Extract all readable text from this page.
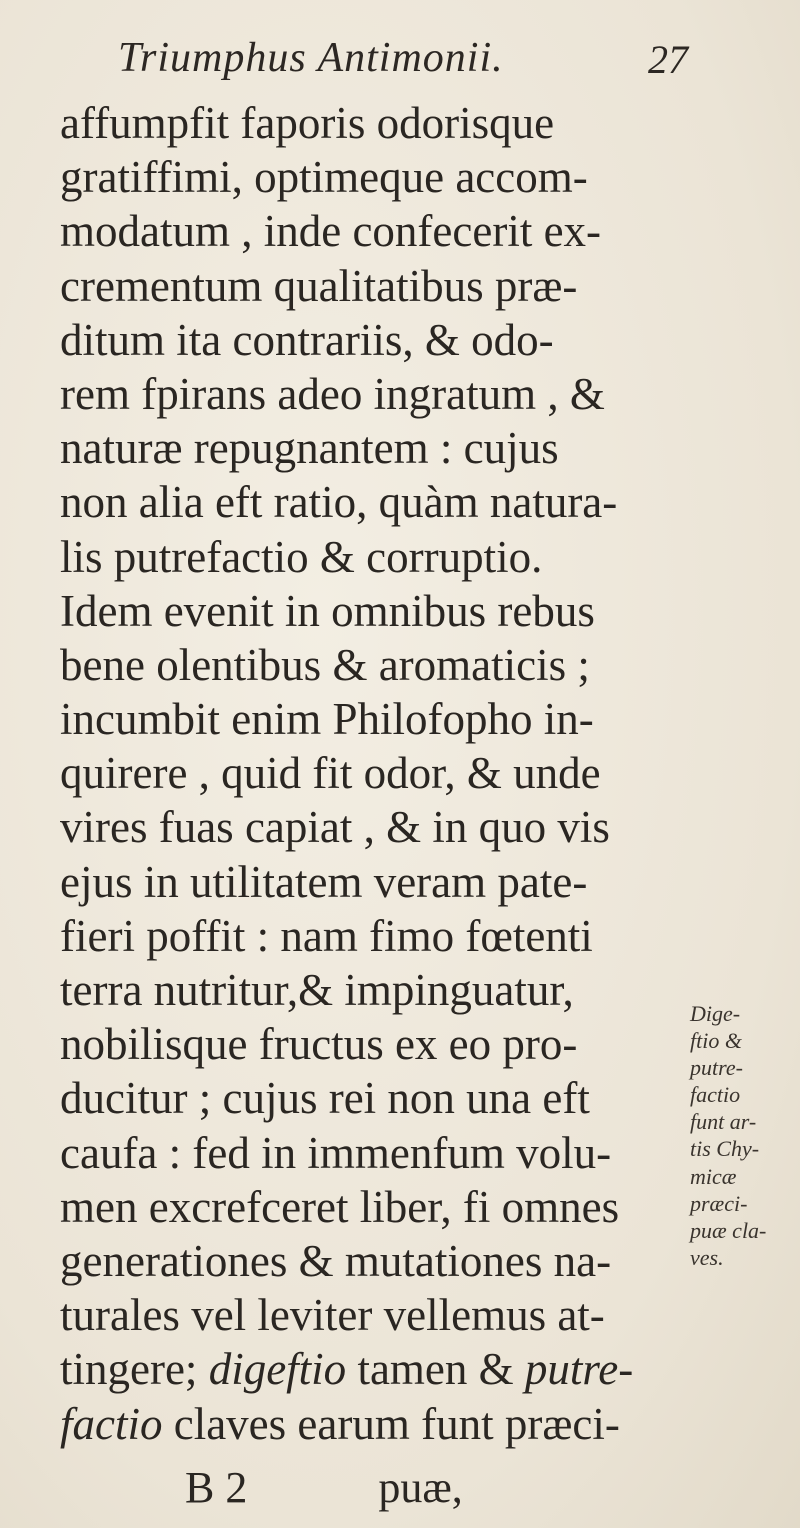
Triumphus Antimonii.	27
affumpfit faporis odorisque
gratiffimi, optimeque accom-
modatum , inde confecerit ex-
crementum qualitatibus præ-
ditum ita contrariis, & odo-
rem fpirans adeo ingratum , &
naturæ repugnantem : cujus
non alia eft ratio, quàm natura-
lis putrefactio & corruptio.
Idem evenit in omnibus rebus
bene olentibus & aromaticis ;
incumbit enim Philofopho in-
quirere , quid fit odor, & unde
vires fuas capiat , & in quo vis
ejus in utilitatem veram pate-
fieri poffit : nam fimo fœtenti
terra nutritur,& impinguatur,
nobilisque fructus ex eo pro-
ducitur ; cujus rei non una eft
caufa : fed in immenfum volu-
men excrefceret liber, fi omnes
generationes & mutationes na-
turales vel leviter vellemus at-
tingere; digeftio tamen & putre-
factio claves earum funt præci-
Dige-
ftio &
putre-
factio
funt ar-
tis Chy-
micæ
præci-
puæ cla-
ves.
B 2	puæ,
